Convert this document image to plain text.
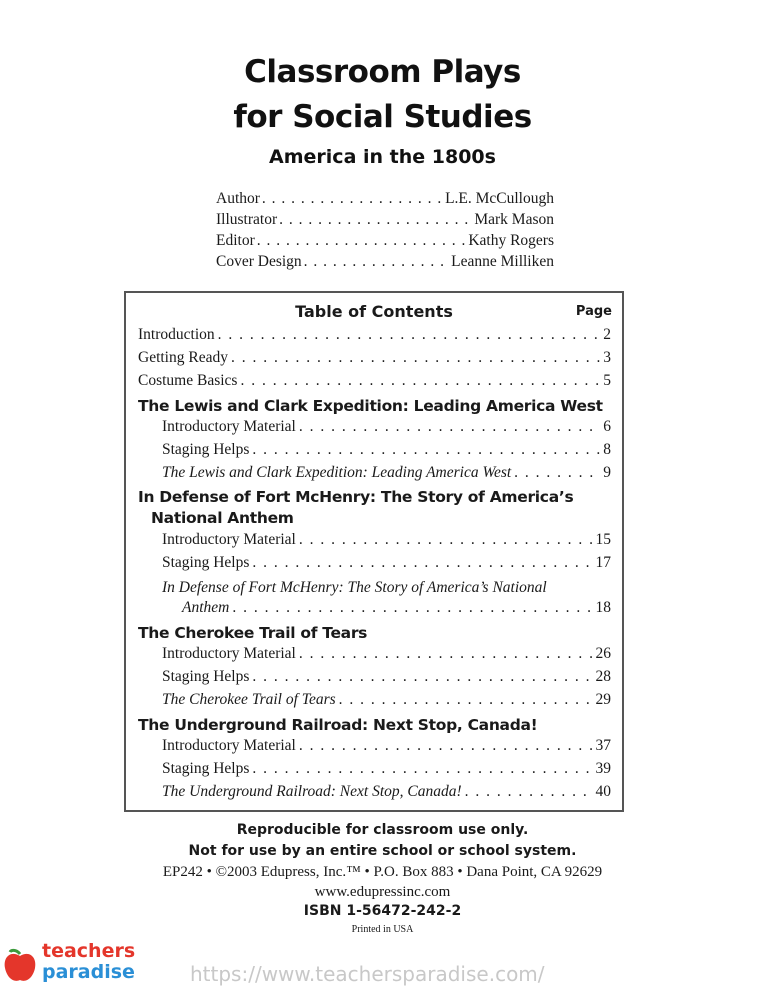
Classroom Plays
for Social Studies
America in the 1800s
Author . . .	L.E. McCullough
Illustrator . . .	Mark Mason
Editor . . .	Kathy Rogers
Cover Design . . .	Leanne Milliken
Table of Contents	Page
Introduction . . .	2
Getting Ready . . .	3
Costume Basics . . .	5
The Lewis and Clark Expedition: Leading America West
Introductory Material . . .	6
Staging Helps . . .	8
The Lewis and Clark Expedition: Leading America West . . .	9
In Defense of Fort McHenry: The Story of America’s National Anthem
Introductory Material . . .	15
Staging Helps . . .	17
In Defense of Fort McHenry: The Story of America’s National
Anthem . . .	18
The Cherokee Trail of Tears
Introductory Material . . .	26
Staging Helps . . .	28
The Cherokee Trail of Tears . . .	29
The Underground Railroad: Next Stop, Canada!
Introductory Material . . .	37
Staging Helps . . .	39
The Underground Railroad: Next Stop, Canada! . . .	40
Reproducible for classroom use only.
Not for use by an entire school or school system.
EP242 • ©2003 Edupress, Inc.™ • P.O. Box 883 • Dana Point, CA 92629
www.edupressinc.com
ISBN 1-56472-242-2
Printed in USA
teachers
paradise	https://www.teachersparadise.com/
